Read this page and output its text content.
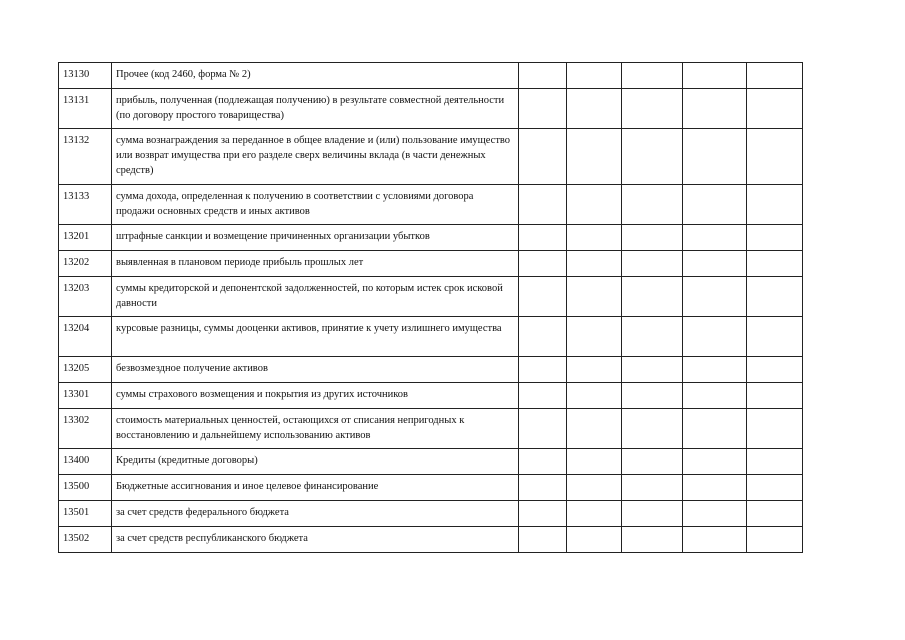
13130	Прочее (код 2460, форма № 2)					
13131	прибыль, полученная (подлежащая получению) в результате совместной деятельности (по договору простого товарищества)					
13132	сумма вознаграждения за переданное в общее владение и (или) пользование имущество или возврат имущества при его разделе сверх величины вклада (в части денежных средств)					
13133	сумма дохода, определенная к получению в соответствии с условиями договора продажи основных средств и иных активов					
13201	штрафные санкции и возмещение причиненных организации убытков					
13202	выявленная в плановом периоде прибыль прошлых лет					
13203	суммы кредиторской и депонентской задолженностей, по которым истек срок исковой давности					
13204	курсовые разницы, суммы дооценки активов, принятие к учету излишнего имущества					
13205	безвозмездное получение активов					
13301	суммы страхового возмещения и покрытия из других источников					
13302	стоимость материальных ценностей, остающихся от списания непригодных к восстановлению и дальнейшему использованию активов					
13400	Кредиты (кредитные договоры)					
13500	Бюджетные ассигнования и иное целевое финансирование					
13501	за счет средств федерального бюджета					
13502	за счет средств республиканского бюджета					
